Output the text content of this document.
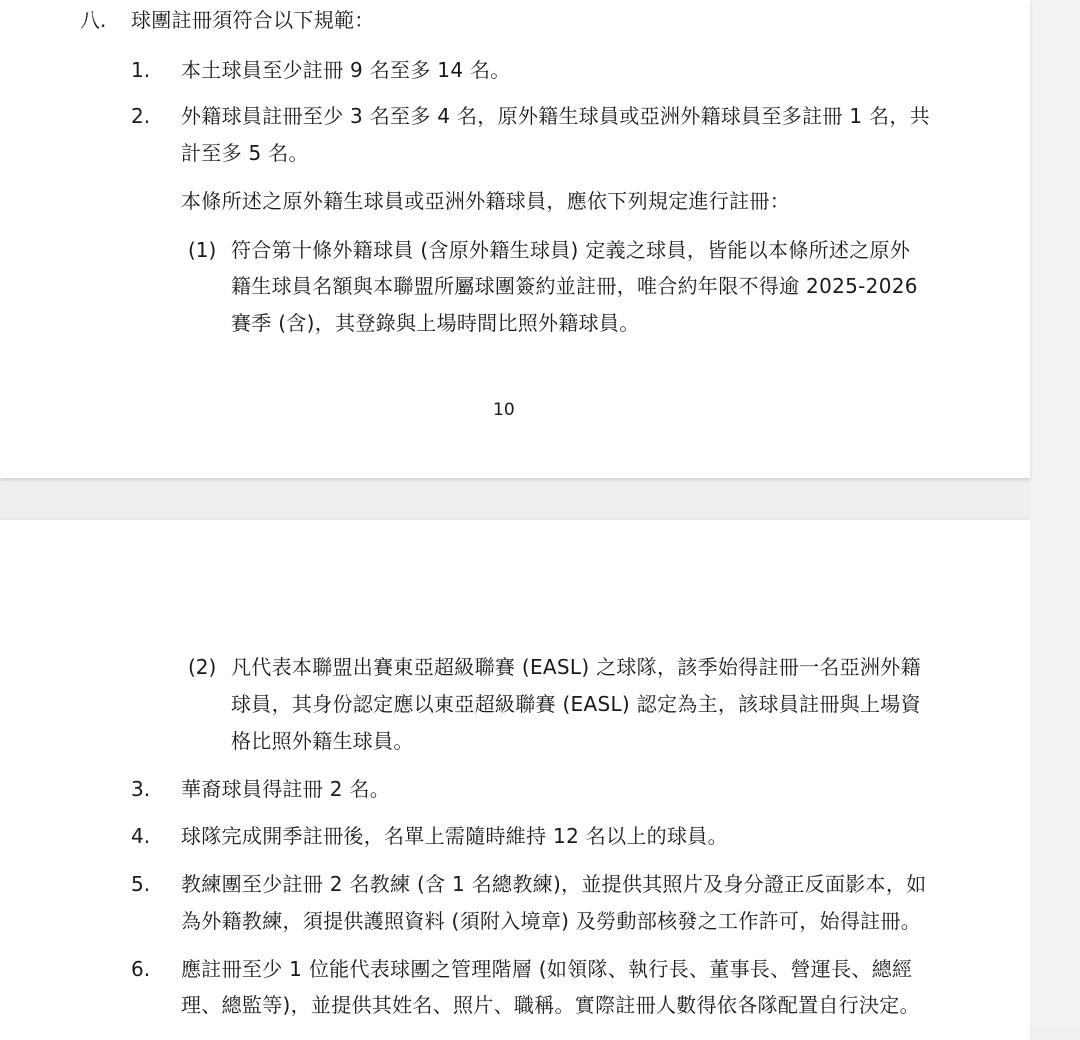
八. 球團註冊須符合以下規範：
1. 本土球員至少註冊 9 名至多 14 名。
2. 外籍球員註冊至少 3 名至多 4 名，原外籍生球員或亞洲外籍球員至多註冊 1 名，共
計至多 5 名。
本條所述之原外籍生球員或亞洲外籍球員，應依下列規定進行註冊：
(1) 符合第十條外籍球員 (含原外籍生球員) 定義之球員，皆能以本條所述之原外
籍生球員名額與本聯盟所屬球團簽約並註冊，唯合約年限不得逾 2025-2026
賽季 (含)，其登錄與上場時間比照外籍球員。
10
(2) 凡代表本聯盟出賽東亞超級聯賽 (EASL) 之球隊，該季始得註冊一名亞洲外籍
球員，其身份認定應以東亞超級聯賽 (EASL) 認定為主，該球員註冊與上場資
格比照外籍生球員。
3. 華裔球員得註冊 2 名。
4. 球隊完成開季註冊後，名單上需隨時維持 12 名以上的球員。
5. 教練團至少註冊 2 名教練 (含 1 名總教練)，並提供其照片及身分證正反面影本，如
為外籍教練，須提供護照資料 (須附入境章) 及勞動部核發之工作許可，始得註冊。
6. 應註冊至少 1 位能代表球團之管理階層 (如領隊、執行長、董事長、營運長、總經
理、總監等)，並提供其姓名、照片、職稱。實際註冊人數得依各隊配置自行決定。
